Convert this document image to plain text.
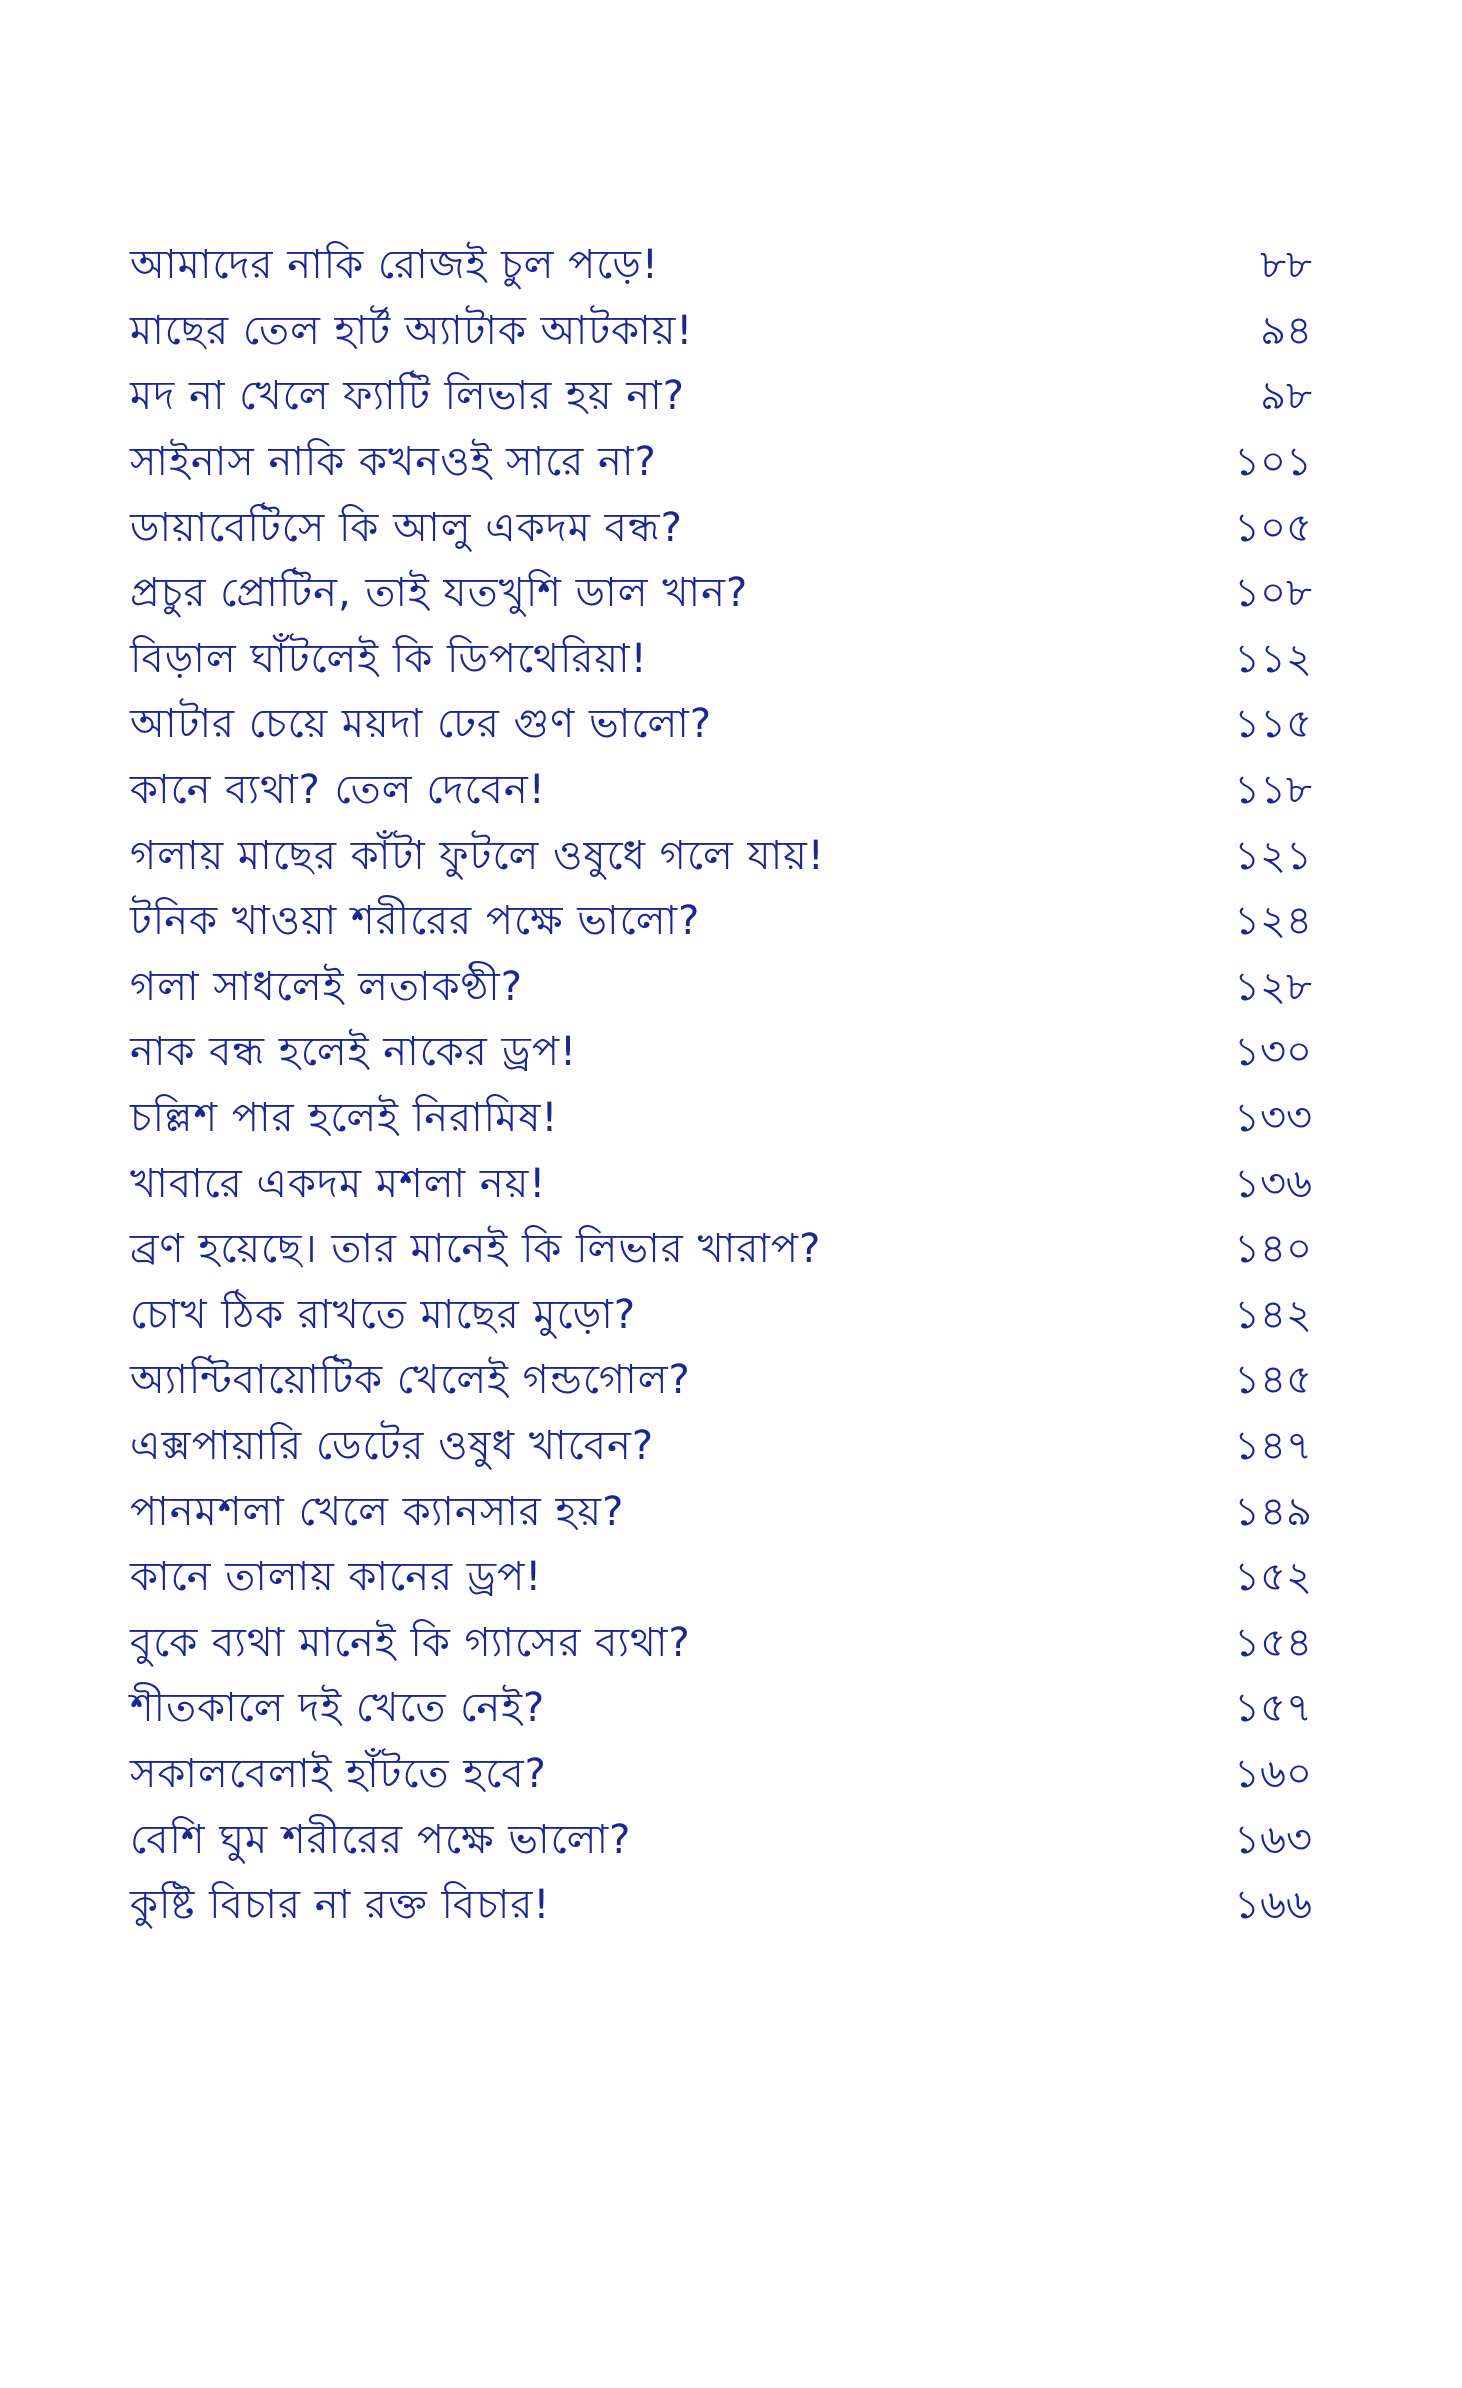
আমাদের নাকি রোজই চুল পড়ে!	৮৮
মাছের তেল হার্ট অ্যাটাক আটকায়!	৯৪
মদ না খেলে ফ্যাটি লিভার হয় না?	৯৮
সাইনাস নাকি কখনওই সারে না?	১০১
ডায়াবেটিসে কি আলু একদম বন্ধ?	১০৫
প্রচুর প্রোটিন, তাই যতখুশি ডাল খান?	১০৮
বিড়াল ঘাঁটলেই কি ডিপথেরিয়া!	১১২
আটার চেয়ে ময়দা ঢের গুণ ভালো?	১১৫
কানে ব্যথা? তেল দেবেন!	১১৮
গলায় মাছের কাঁটা ফুটলে ওষুধে গলে যায়!	১২১
টনিক খাওয়া শরীরের পক্ষে ভালো?	১২৪
গলা সাধলেই লতাকণ্ঠী?	১২৮
নাক বন্ধ হলেই নাকের ড্রপ!	১৩০
চল্লিশ পার হলেই নিরামিষ!	১৩৩
খাবারে একদম মশলা নয়!	১৩৬
ব্রণ হয়েছে। তার মানেই কি লিভার খারাপ?	১৪০
চোখ ঠিক রাখতে মাছের মুড়ো?	১৪২
অ্যান্টিবায়োটিক খেলেই গন্ডগোল?	১৪৫
এক্সপায়ারি ডেটের ওষুধ খাবেন?	১৪৭
পানমশলা খেলে ক্যানসার হয়?	১৪৯
কানে তালায় কানের ড্রপ!	১৫২
বুকে ব্যথা মানেই কি গ্যাসের ব্যথা?	১৫৪
শীতকালে দই খেতে নেই?	১৫৭
সকালবেলাই হাঁটতে হবে?	১৬০
বেশি ঘুম শরীরের পক্ষে ভালো?	১৬৩
কুষ্টি বিচার না রক্ত বিচার!	১৬৬
